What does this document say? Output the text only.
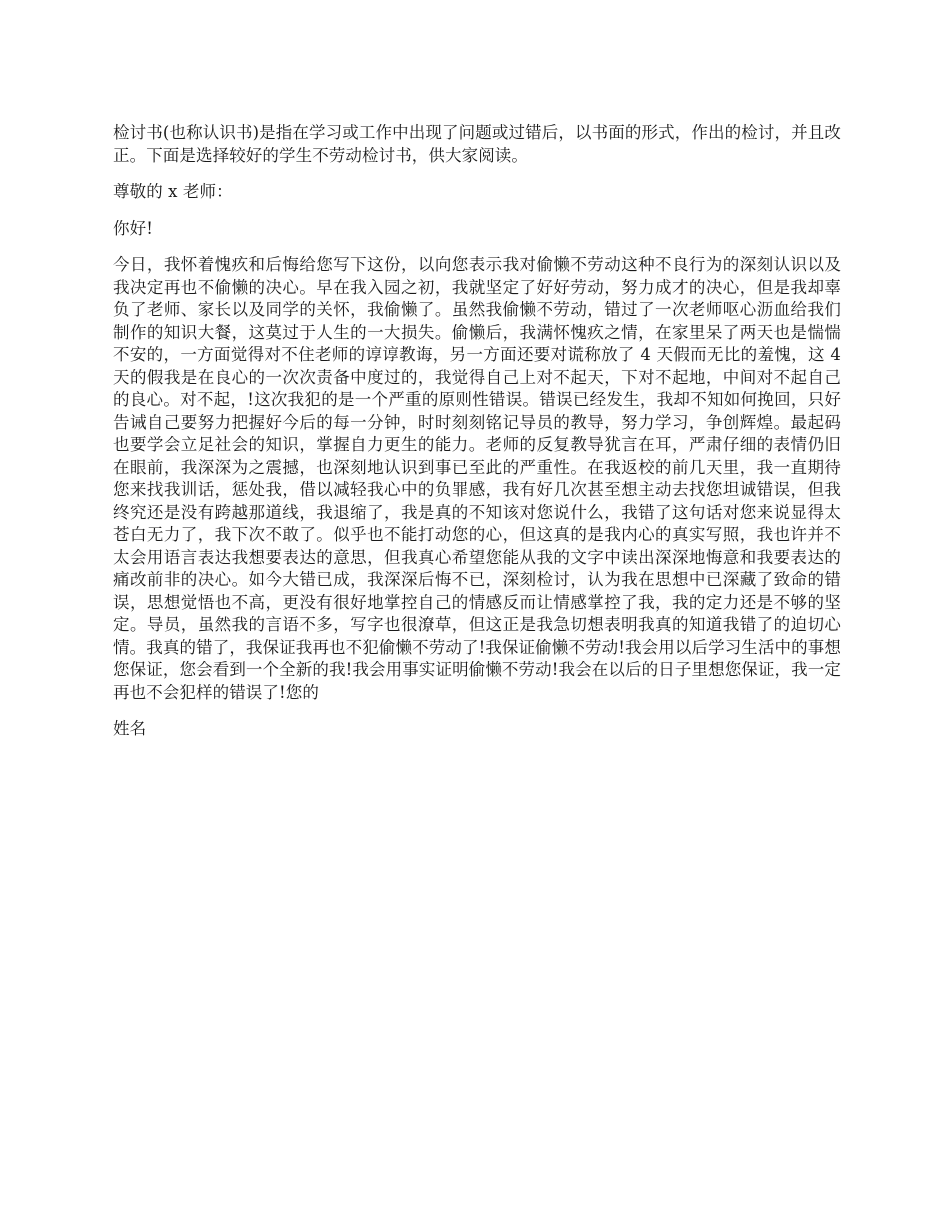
检讨书(也称认识书)是指在学习或工作中出现了问题或过错后，以书面的形式，作出的检讨，并且改正。下面是选择较好的学生不劳动检讨书，供大家阅读。

尊敬的 x 老师：

你好!

今日，我怀着愧疚和后悔给您写下这份，以向您表示我对偷懒不劳动这种不良行为的深刻认识以及我决定再也不偷懒的决心。早在我入园之初，我就坚定了好好劳动，努力成才的决心，但是我却辜负了老师、家长以及同学的关怀，我偷懒了。虽然我偷懒不劳动，错过了一次老师呕心沥血给我们制作的知识大餐，这莫过于人生的一大损失。偷懒后，我满怀愧疚之情，在家里呆了两天也是惴惴不安的，一方面觉得对不住老师的谆谆教诲，另一方面还要对谎称放了 4 天假而无比的羞愧，这 4 天的假我是在良心的一次次责备中度过的，我觉得自己上对不起天，下对不起地，中间对不起自己的良心。对不起，!这次我犯的是一个严重的原则性错误。错误已经发生，我却不知如何挽回，只好告诫自己要努力把握好今后的每一分钟，时时刻刻铭记导员的教导，努力学习，争创辉煌。最起码也要学会立足社会的知识，掌握自力更生的能力。老师的反复教导犹言在耳，严肃仔细的表情仍旧在眼前，我深深为之震撼，也深刻地认识到事已至此的严重性。在我返校的前几天里，我一直期待您来找我训话，惩处我，借以减轻我心中的负罪感，我有好几次甚至想主动去找您坦诚错误，但我终究还是没有跨越那道线，我退缩了，我是真的不知该对您说什么，我错了这句话对您来说显得太苍白无力了，我下次不敢了。似乎也不能打动您的心，但这真的是我内心的真实写照，我也许并不太会用语言表达我想要表达的意思，但我真心希望您能从我的文字中读出深深地悔意和我要表达的痛改前非的决心。如今大错已成，我深深后悔不已，深刻检讨，认为我在思想中已深藏了致命的错误，思想觉悟也不高，更没有很好地掌控自己的情感反而让情感掌控了我，我的定力还是不够的坚定。导员，虽然我的言语不多，写字也很潦草，但这正是我急切想表明我真的知道我错了的迫切心情。我真的错了，我保证我再也不犯偷懒不劳动了!我保证偷懒不劳动!我会用以后学习生活中的事想您保证，您会看到一个全新的我!我会用事实证明偷懒不劳动!我会在以后的日子里想您保证，我一定再也不会犯样的错误了!您的

姓名
